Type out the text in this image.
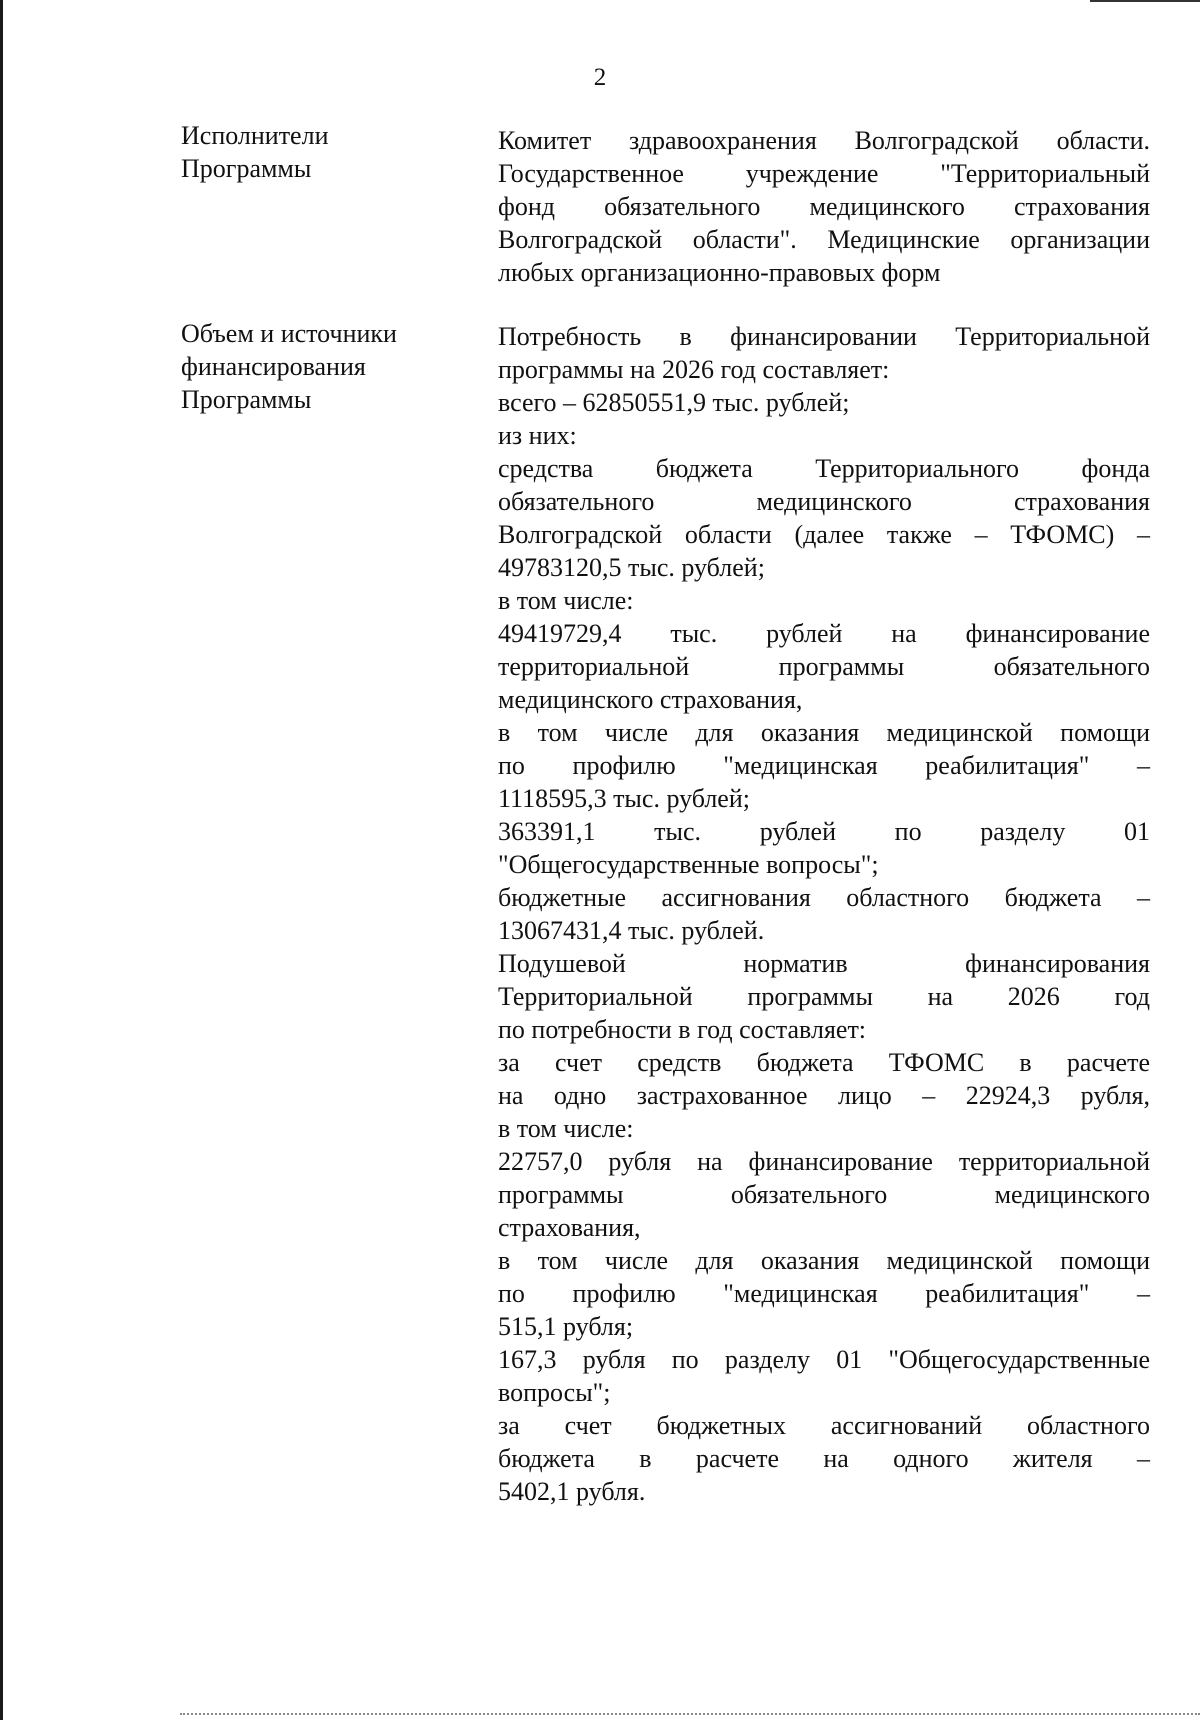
2
Исполнители
Программы
Комитет здравоохранения Волгоградской области.
Государственное учреждение "Территориальный
фонд обязательного медицинского страхования
Волгоградской области". Медицинские организации
любых организационно-правовых форм
Объем и источники
финансирования
Программы
Потребность в финансировании Территориальной
программы на 2026 год составляет:
всего – 62850551,9 тыс. рублей;
из них:
средства бюджета Территориального фонда
обязательного медицинского страхования
Волгоградской области (далее также – ТФОМС) –
49783120,5 тыс. рублей;
в том числе:
49419729,4 тыс. рублей на финансирование
территориальной программы обязательного
медицинского страхования,
в том числе для оказания медицинской помощи
по профилю "медицинская реабилитация" –
1118595,3 тыс. рублей;
363391,1 тыс. рублей по разделу 01
"Общегосударственные вопросы";
бюджетные ассигнования областного бюджета –
13067431,4 тыс. рублей.
Подушевой норматив финансирования
Территориальной программы на 2026 год
по потребности в год составляет:
за счет средств бюджета ТФОМС в расчете
на одно застрахованное лицо – 22924,3 рубля,
в том числе:
22757,0 рубля на финансирование территориальной
программы обязательного медицинского
страхования,
в том числе для оказания медицинской помощи
по профилю "медицинская реабилитация" –
515,1 рубля;
167,3 рубля по разделу 01 "Общегосударственные
вопросы";
за счет бюджетных ассигнований областного
бюджета в расчете на одного жителя –
5402,1 рубля.
